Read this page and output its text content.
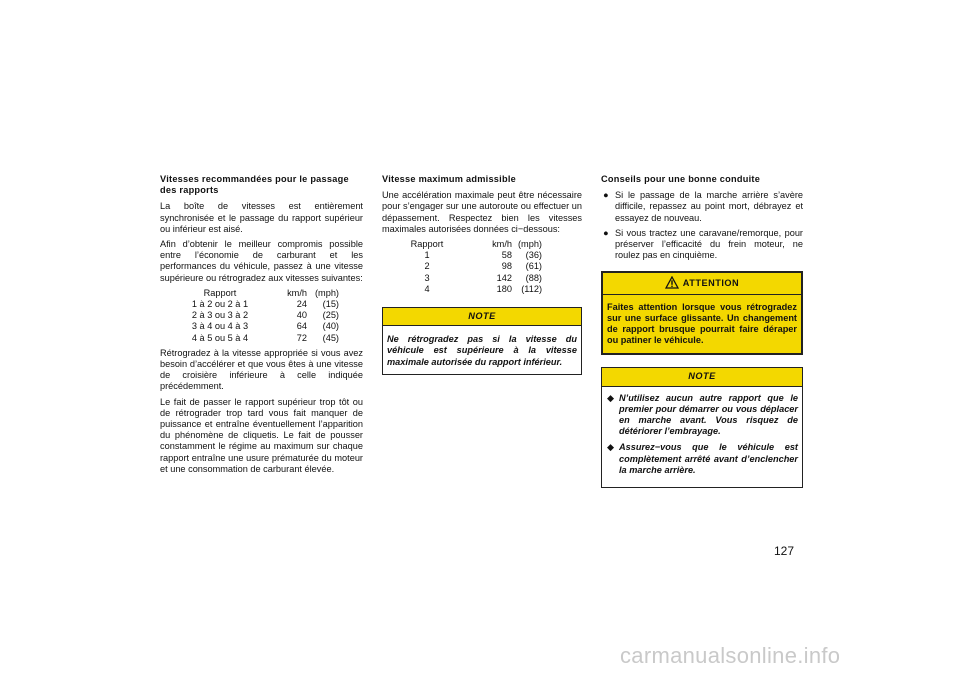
Vitesses recommandées pour le passage des rapports

La boîte de vitesses est entièrement synchronisée et le passage du rapport supérieur ou inférieur est aisé.

Afin d’obtenir le meilleur compromis possible entre l’économie de carburant et les performances du véhicule, passez à une vitesse supérieure ou rétrogradez aux vitesses suivantes:

Rapport	km/h	(mph)
1 à 2 ou 2 à 1	24	(15)
2 à 3 ou 3 à 2	40	(25)
3 à 4 ou 4 à 3	64	(40)
4 à 5 ou 5 à 4	72	(45)

Rétrogradez à la vitesse appropriée si vous avez besoin d’accélérer et que vous êtes à une vitesse de croisière inférieure à celle indiquée précédemment.

Le fait de passer le rapport supérieur trop tôt ou de rétrograder trop tard vous fait manquer de puissance et entraîne éventuellement l’apparition du phénomène de cliquetis. Le fait de pousser constamment le régime au maximum sur chaque rapport entraîne une usure prématurée du moteur et une consommation de carburant élevée.

Vitesse maximum admissible

Une accélération maximale peut être nécessaire pour s’engager sur une autoroute ou effectuer un dépassement. Respectez bien les vitesses maximales autorisées données ci−dessous:

Rapport	km/h	(mph)
1	58	(36)
2	98	(61)
3	142	(88)
4	180	(112)
NOTE
Ne rétrogradez pas si la vitesse du véhicule est supérieure à la vitesse maximale autorisée du rapport inférieur.
Conseils pour une bonne conduite
● Si le passage de la marche arrière s’avère difficile, repassez au point mort, débrayez et essayez de nouveau.
● Si vous tractez une caravane/remorque, pour préserver l’efficacité du frein moteur, ne roulez pas en cinquième.
ATTENTION
Faites attention lorsque vous rétrogradez sur une surface glissante. Un changement de rapport brusque pourrait faire déraper ou patiner le véhicule.
NOTE
◆ N’utilisez aucun autre rapport que le premier pour démarrer ou vous déplacer en marche avant. Vous risquez de détériorer l’embrayage.
◆ Assurez−vous que le véhicule est complètement arrêté avant d’enclencher la marche arrière.
127
carmanualsonline.info
